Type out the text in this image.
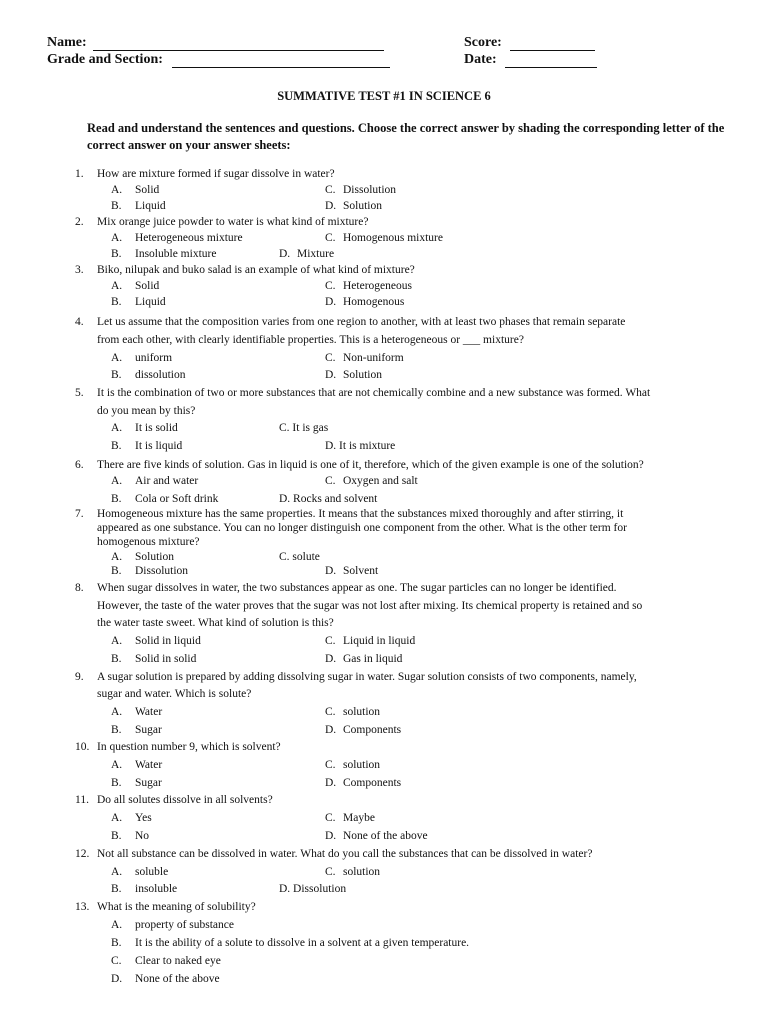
Name:	Score:
Grade and Section:	Date:
SUMMATIVE TEST #1 IN SCIENCE 6
Read and understand the sentences and questions. Choose the correct answer by shading the corresponding letter of the correct answer on your answer sheets:
1. How are mixture formed if sugar dissolve in water?
A. Solid
B. Liquid
C. Dissolution
D. Solution
2. Mix orange juice powder to water is what kind of mixture?
A. Heterogeneous mixture
B. Insoluble mixture
C. Homogenous mixture
D. Mixture
3. Biko, nilupak and buko salad is an example of what kind of mixture?
A. Solid
B. Liquid
C. Heterogeneous
D. Homogenous
4. Let us assume that the composition varies from one region to another, with at least two phases that remain separate
from each other, with clearly identifiable properties. This is a heterogeneous or ___ mixture?
A. uniform
B. dissolution
C. Non-uniform
D. Solution
5. It is the combination of two or more substances that are not chemically combine and a new substance was formed. What
do you mean by this?
A. It is solid
B. It is liquid
C. It is gas
D. It is mixture
6. There are five kinds of solution. Gas in liquid is one of it, therefore, which of the given example is one of the solution?
A. Air and water
B. Cola or Soft drink
C. Oxygen and salt
D. Rocks and solvent
7. Homogeneous mixture has the same properties. It means that the substances mixed thoroughly and after stirring, it
appeared as one substance. You can no longer distinguish one component from the other. What is the other term for
homogenous mixture?
A. Solution
B. Dissolution
C. solute
D. Solvent
8. When sugar dissolves in water, the two substances appear as one. The sugar particles can no longer be identified.
However, the taste of the water proves that the sugar was not lost after mixing. Its chemical property is retained and so
the water taste sweet. What kind of solution is this?
A. Solid in liquid
B. Solid in solid
C. Liquid in liquid
D. Gas in liquid
9. A sugar solution is prepared by adding dissolving sugar in water. Sugar solution consists of two components, namely,
sugar and water. Which is solute?
A. Water
B. Sugar
C. solution
D. Components
10. In question number 9, which is solvent?
A. Water
B. Sugar
C. solution
D. Components
11. Do all solutes dissolve in all solvents?
A. Yes
B. No
C. Maybe
D. None of the above
12. Not all substance can be dissolved in water. What do you call the substances that can be dissolved in water?
A. soluble
B. insoluble
C. solution
D. Dissolution
13. What is the meaning of solubility?
A. property of substance
B. It is the ability of a solute to dissolve in a solvent at a given temperature.
C. Clear to naked eye
D. None of the above
